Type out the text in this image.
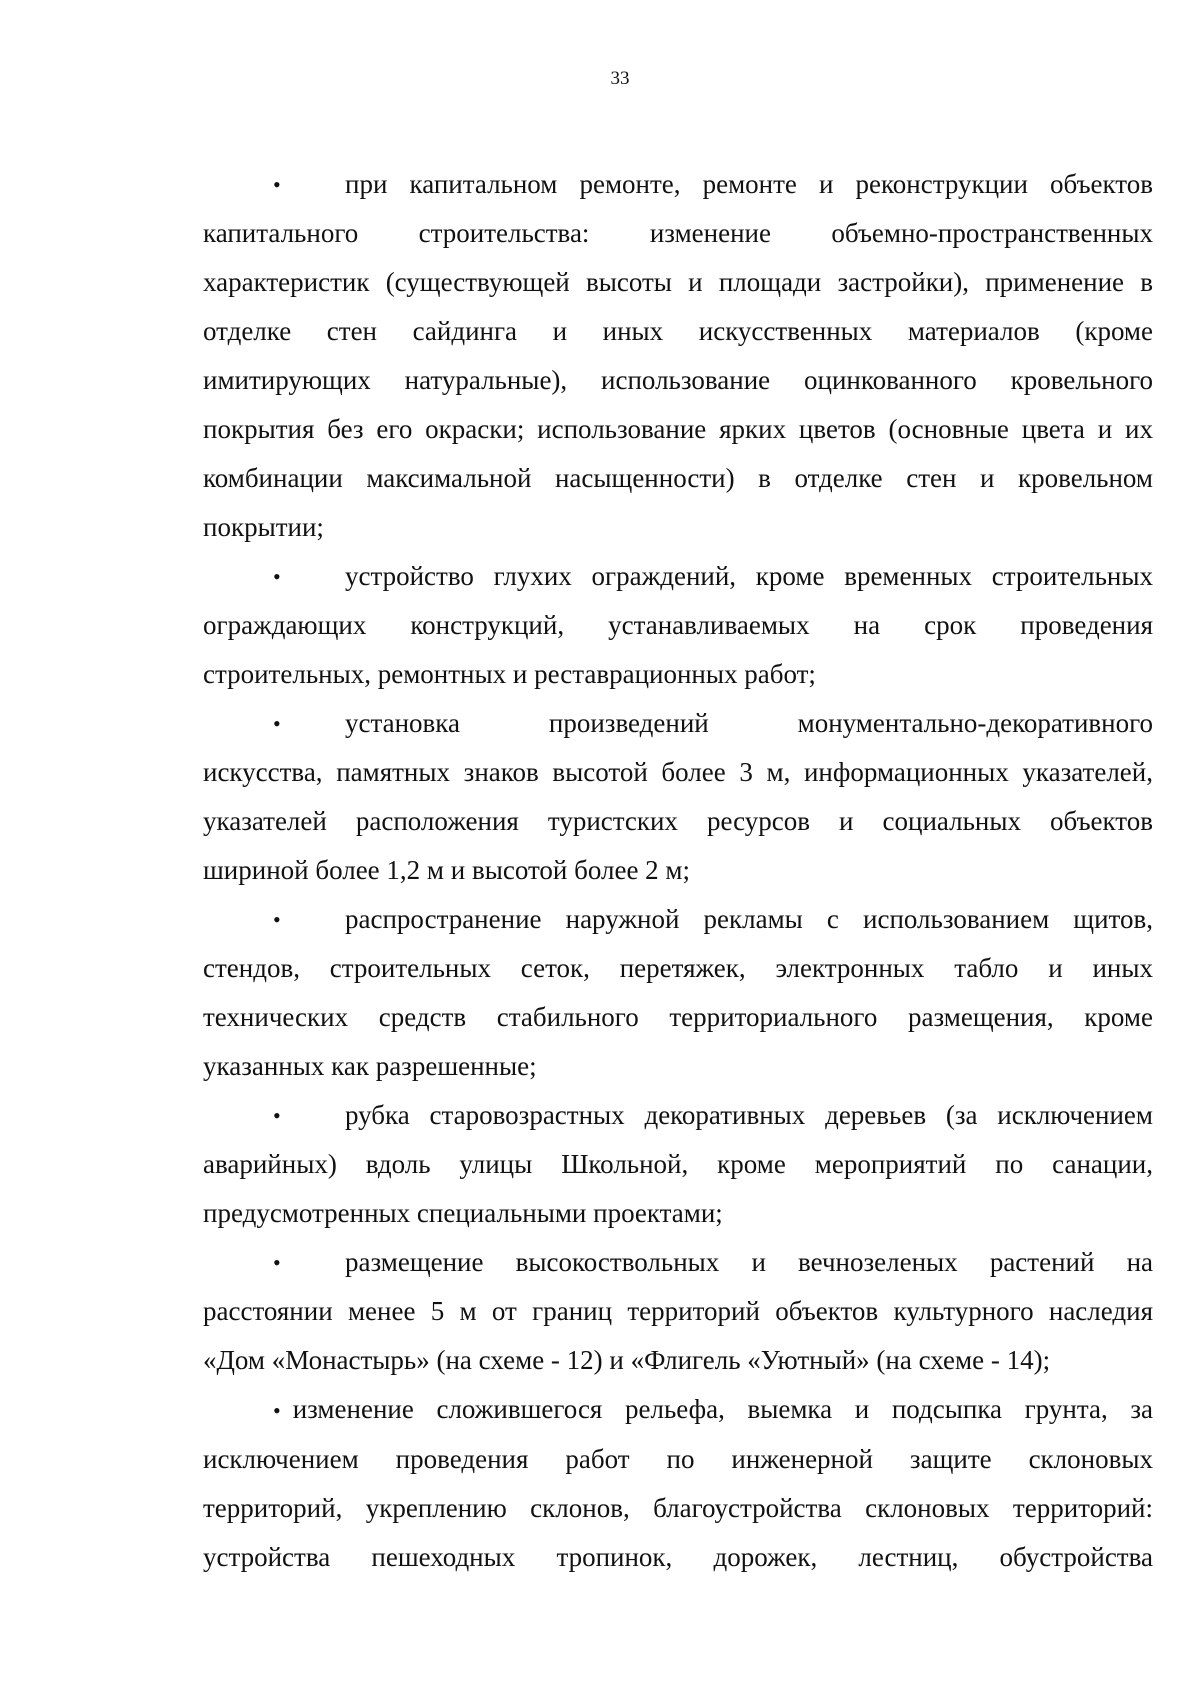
33
•	при капитальном ремонте, ремонте и реконструкции объектов

капитального строительства: изменение объемно-пространственных

характеристик (существующей высоты и площади застройки), применение в

отделке стен сайдинга и иных искусственных материалов (кроме

имитирующих натуральные), использование оцинкованного кровельного

покрытия без его окраски; использование ярких цветов (основные цвета и их

комбинации максимальной насыщенности) в отделке стен и кровельном

покрытии;

•	устройство глухих ограждений, кроме временных строительных

ограждающих конструкций, устанавливаемых на срок проведения

строительных, ремонтных и реставрационных работ;

•	установка произведений монументально-декоративного

искусства, памятных знаков высотой более 3 м, информационных указателей,

указателей расположения туристских ресурсов и социальных объектов

шириной более 1,2 м и высотой более 2 м;

•	распространение наружной рекламы с использованием щитов,

стендов, строительных сеток, перетяжек, электронных табло и иных

технических средств стабильного территориального размещения, кроме

указанных как разрешенные;

•	рубка старовозрастных декоративных деревьев (за исключением

аварийных) вдоль улицы Школьной, кроме мероприятий по санации,

предусмотренных специальными проектами;

•	размещение высокоствольных и вечнозеленых растений на

расстоянии менее 5 м от границ территорий объектов культурного наследия

«Дом «Монастырь» (на схеме - 12) и «Флигель «Уютный» (на схеме - 14);

• изменение сложившегося рельефа, выемка и подсыпка грунта, за

исключением проведения работ по инженерной защите склоновых

территорий, укреплению склонов, благоустройства склоновых территорий:

устройства пешеходных тропинок, дорожек, лестниц, обустройства
